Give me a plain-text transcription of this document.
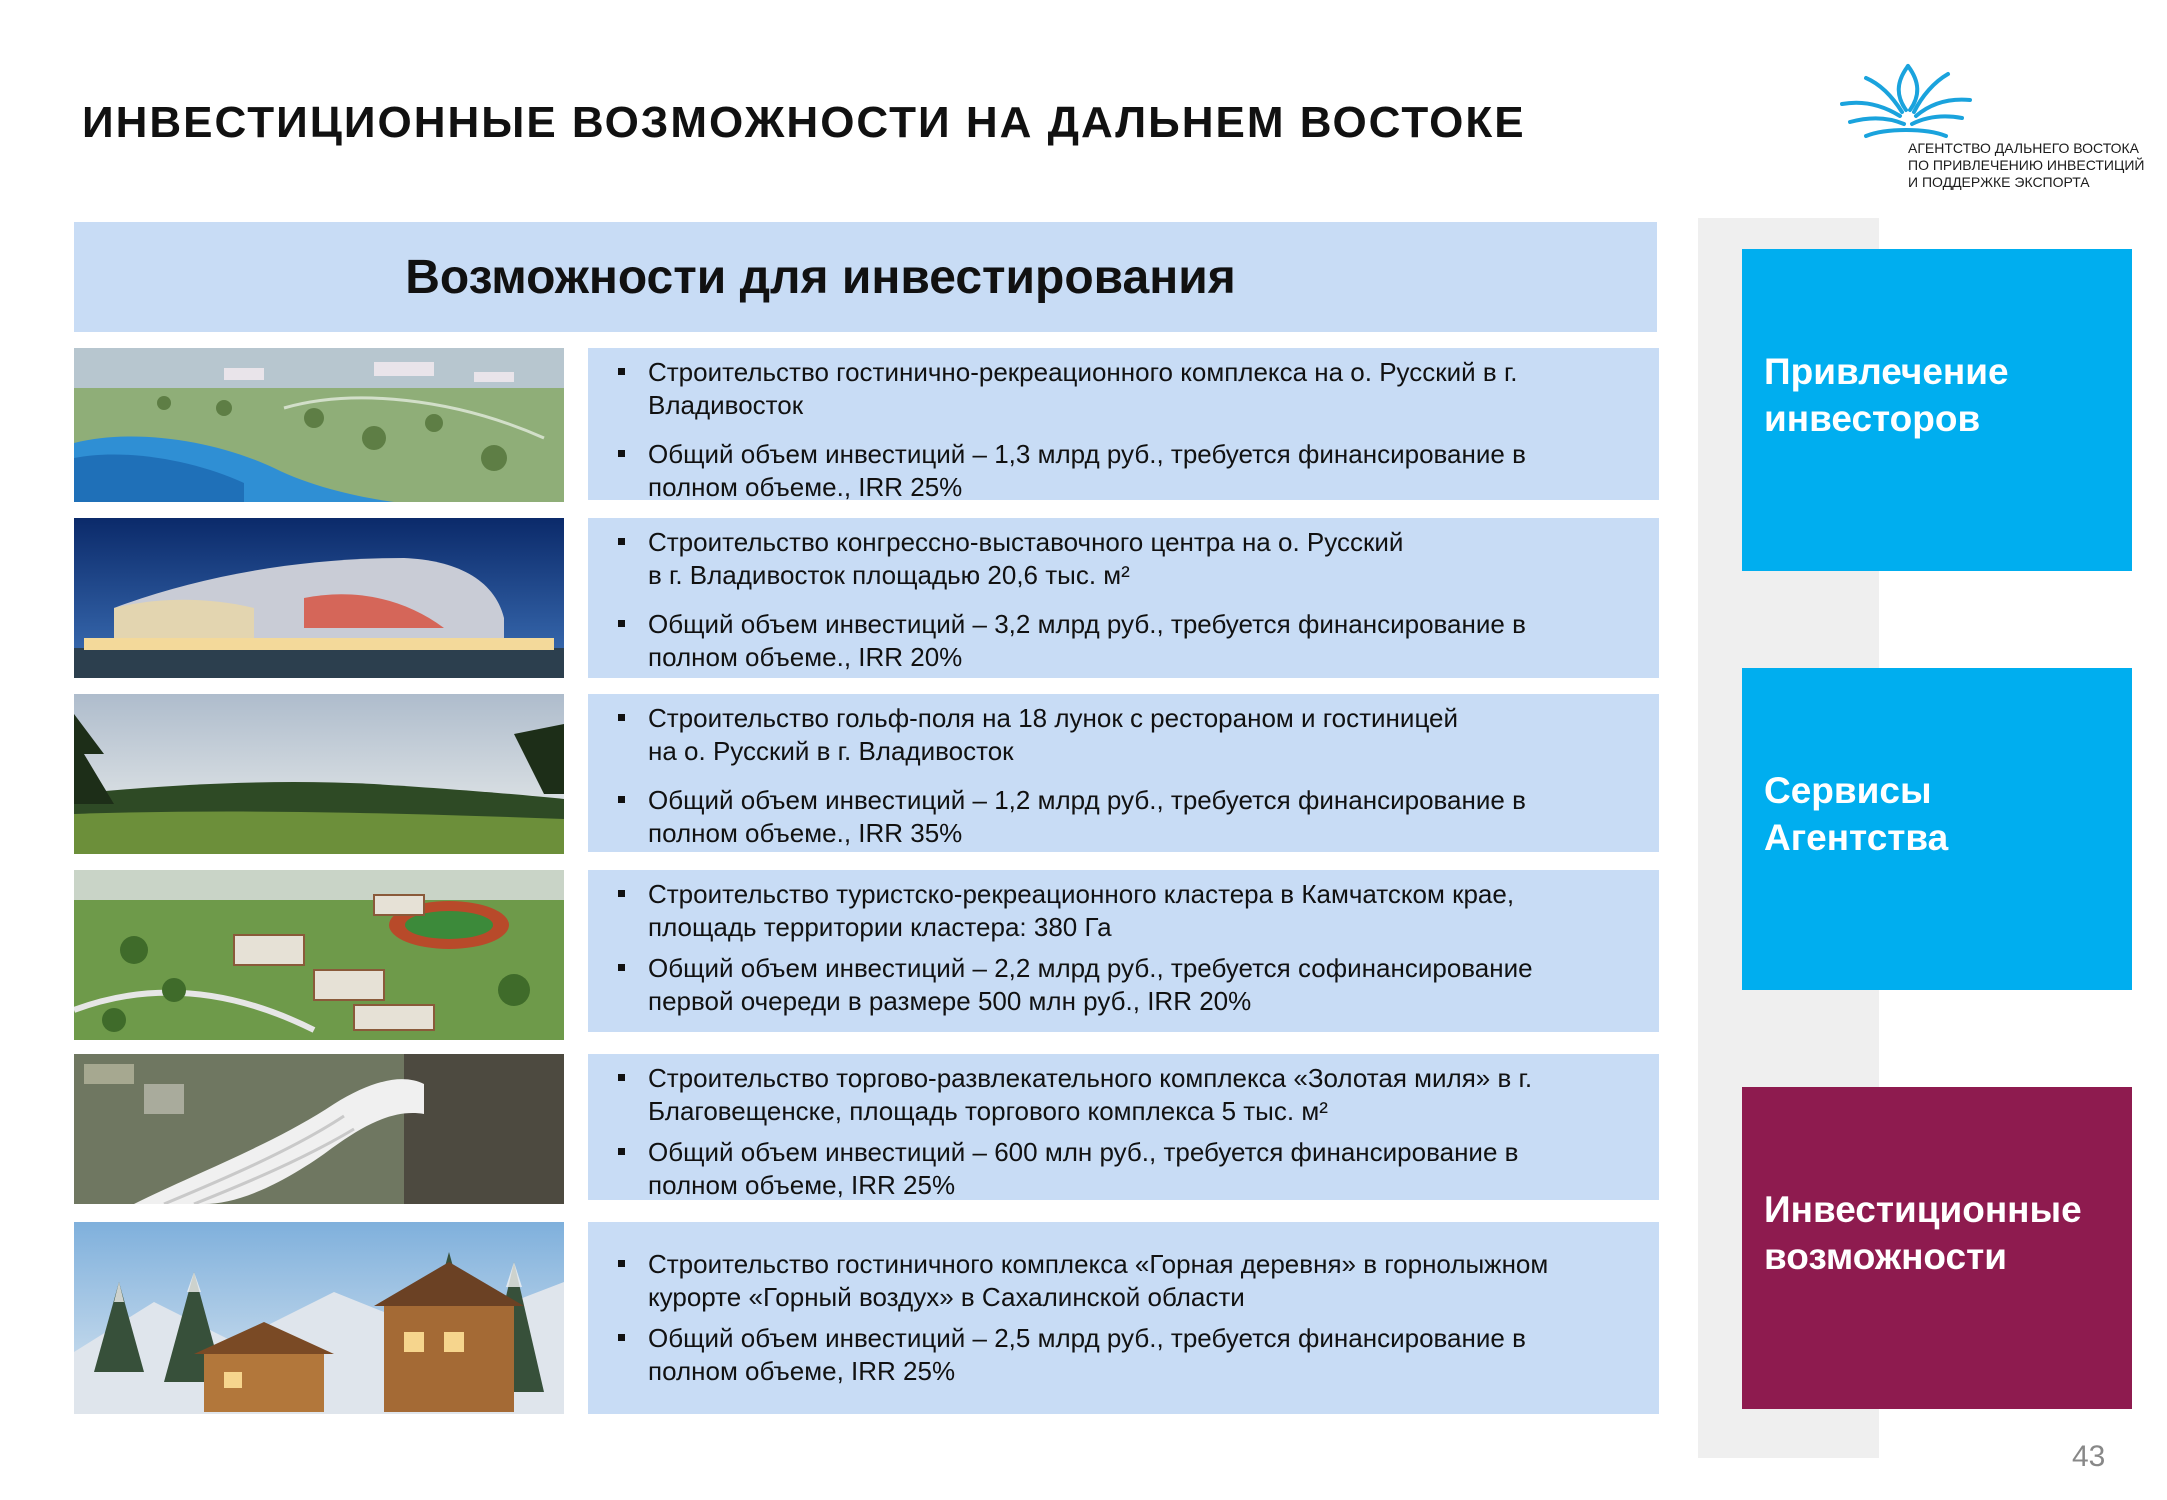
ИНВЕСТИЦИОННЫЕ ВОЗМОЖНОСТИ НА ДАЛЬНЕМ ВОСТОКЕ
АГЕНТСТВО ДАЛЬНЕГО ВОСТОКА
ПО ПРИВЛЕЧЕНИЮ ИНВЕСТИЦИЙ
И ПОДДЕРЖКЕ ЭКСПОРТА
Возможности для инвестирования
Строительство гостинично-рекреационного комплекса на о. Русский в г.
Владивосток
Общий объем инвестиций – 1,3 млрд руб., требуется финансирование в
полном объеме., IRR 25%
Строительство конгрессно-выставочного центра на о. Русский
в г. Владивосток площадью 20,6 тыс. м²
Общий объем инвестиций – 3,2 млрд руб., требуется финансирование в
полном объеме., IRR 20%
Строительство гольф-поля на 18 лунок с рестораном и гостиницей
на о. Русский в г. Владивосток
Общий объем инвестиций – 1,2 млрд руб., требуется финансирование в
полном объеме., IRR 35%
Строительство туристско-рекреационного кластера в Камчатском крае,
площадь территории кластера: 380 Га
Общий объем инвестиций – 2,2 млрд руб., требуется софинансирование
первой очереди в размере 500 млн руб., IRR 20%
Строительство торгово-развлекательного комплекса «Золотая миля» в г.
Благовещенске, площадь торгового комплекса 5 тыс. м²
Общий объем инвестиций – 600 млн руб., требуется финансирование в
полном объеме, IRR 25%
Строительство гостиничного комплекса «Горная деревня» в горнолыжном
курорте «Горный воздух» в Сахалинской области
Общий объем инвестиций – 2,5 млрд руб., требуется финансирование в
полном объеме, IRR 25%
Привлечение
инвесторов
Сервисы
Агентства
Инвестиционные
возможности
43
